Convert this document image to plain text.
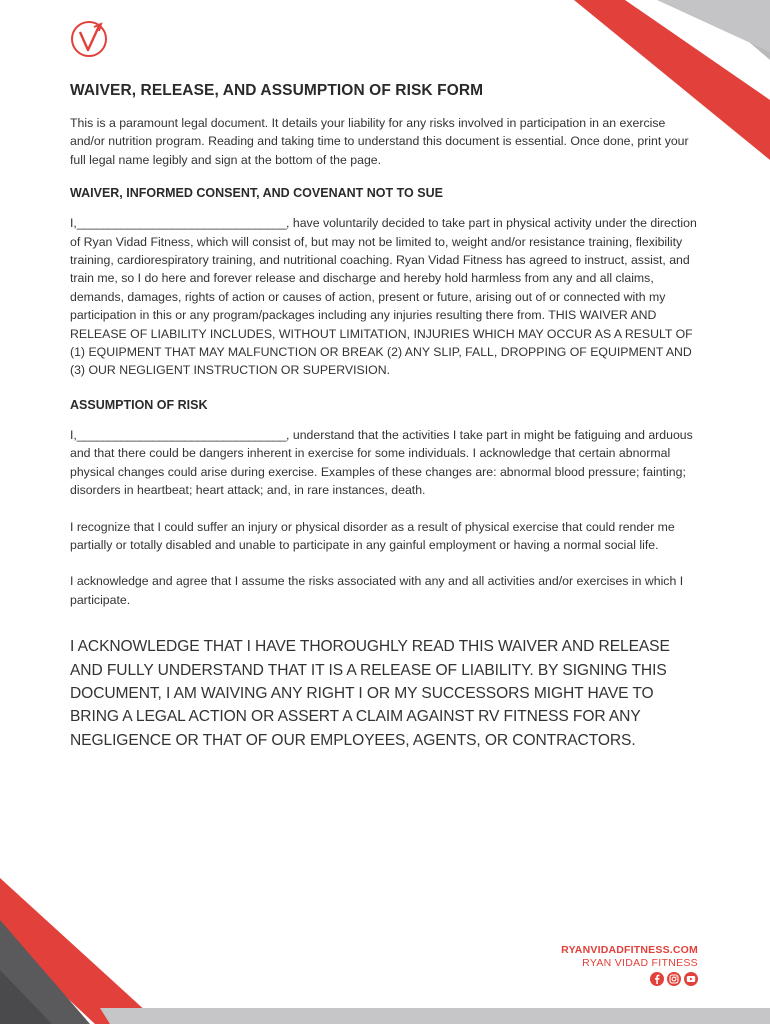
WAIVER, RELEASE, AND ASSUMPTION OF RISK FORM

This is a paramount legal document. It details your liability for any risks involved in participation in an exercise and/or nutrition program. Reading and taking time to understand this document is essential. Once done, print your full legal name legibly and sign at the bottom of the page.

WAIVER, INFORMED CONSENT, AND COVENANT NOT TO SUE

I,_________________________________, have voluntarily decided to take part in physical activity under the direction of Ryan Vidad Fitness, which will consist of, but may not be limited to, weight and/or resistance training, flexibility training, cardiorespiratory training, and nutritional coaching. Ryan Vidad Fitness has agreed to instruct, assist, and train me, so I do here and forever release and discharge and hereby hold harmless from any and all claims, demands, damages, rights of action or causes of action, present or future, arising out of or connected with my participation in this or any program/packages including any injuries resulting there from. THIS WAIVER AND RELEASE OF LIABILITY INCLUDES, WITHOUT LIMITATION, INJURIES WHICH MAY OCCUR AS A RESULT OF (1) EQUIPMENT THAT MAY MALFUNCTION OR BREAK (2) ANY SLIP, FALL, DROPPING OF EQUIPMENT AND (3) OUR NEGLIGENT INSTRUCTION OR SUPERVISION.

ASSUMPTION OF RISK

I,_________________________________, understand that the activities I take part in might be fatiguing and arduous and that there could be dangers inherent in exercise for some individuals. I acknowledge that certain abnormal physical changes could arise during exercise. Examples of these changes are: abnormal blood pressure; fainting; disorders in heartbeat; heart attack; and, in rare instances, death.

I recognize that I could suffer an injury or physical disorder as a result of physical exercise that could render me partially or totally disabled and unable to participate in any gainful employment or having a normal social life.

I acknowledge and agree that I assume the risks associated with any and all activities and/or exercises in which I participate.

I ACKNOWLEDGE THAT I HAVE THOROUGHLY READ THIS WAIVER AND RELEASE AND FULLY UNDERSTAND THAT IT IS A RELEASE OF LIABILITY. BY SIGNING THIS DOCUMENT, I AM WAIVING ANY RIGHT I OR MY SUCCESSORS MIGHT HAVE TO BRING A LEGAL ACTION OR ASSERT A CLAIM AGAINST RV FITNESS FOR ANY NEGLIGENCE OR THAT OF OUR EMPLOYEES, AGENTS, OR CONTRACTORS.

RYANVIDADFITNESS.COM
RYAN VIDAD FITNESS
